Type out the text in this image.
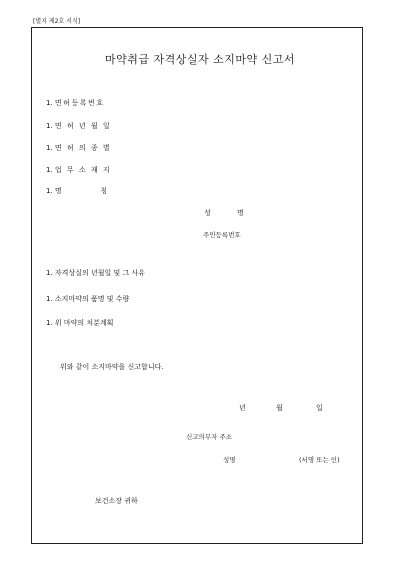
[별지 제2호 서식]
마약취급 자격상실자 소지마약 신고서
1. 면허등록번호
1. 면 허 년 월 일
1. 면 허 의 종 별
1. 업 무 소 재 지
1. 명          칭
성	명
주민등록번호
1. 자격상실의 년월일 및 그 사유
1. 소지마약의 품명 및 수량
1. 위 마약의 처분계획
위와 같이 소지마약을 신고합니다.
년	월	일
신고의무자 주소
성명	(서명 또는 인)
보건소장 귀하
